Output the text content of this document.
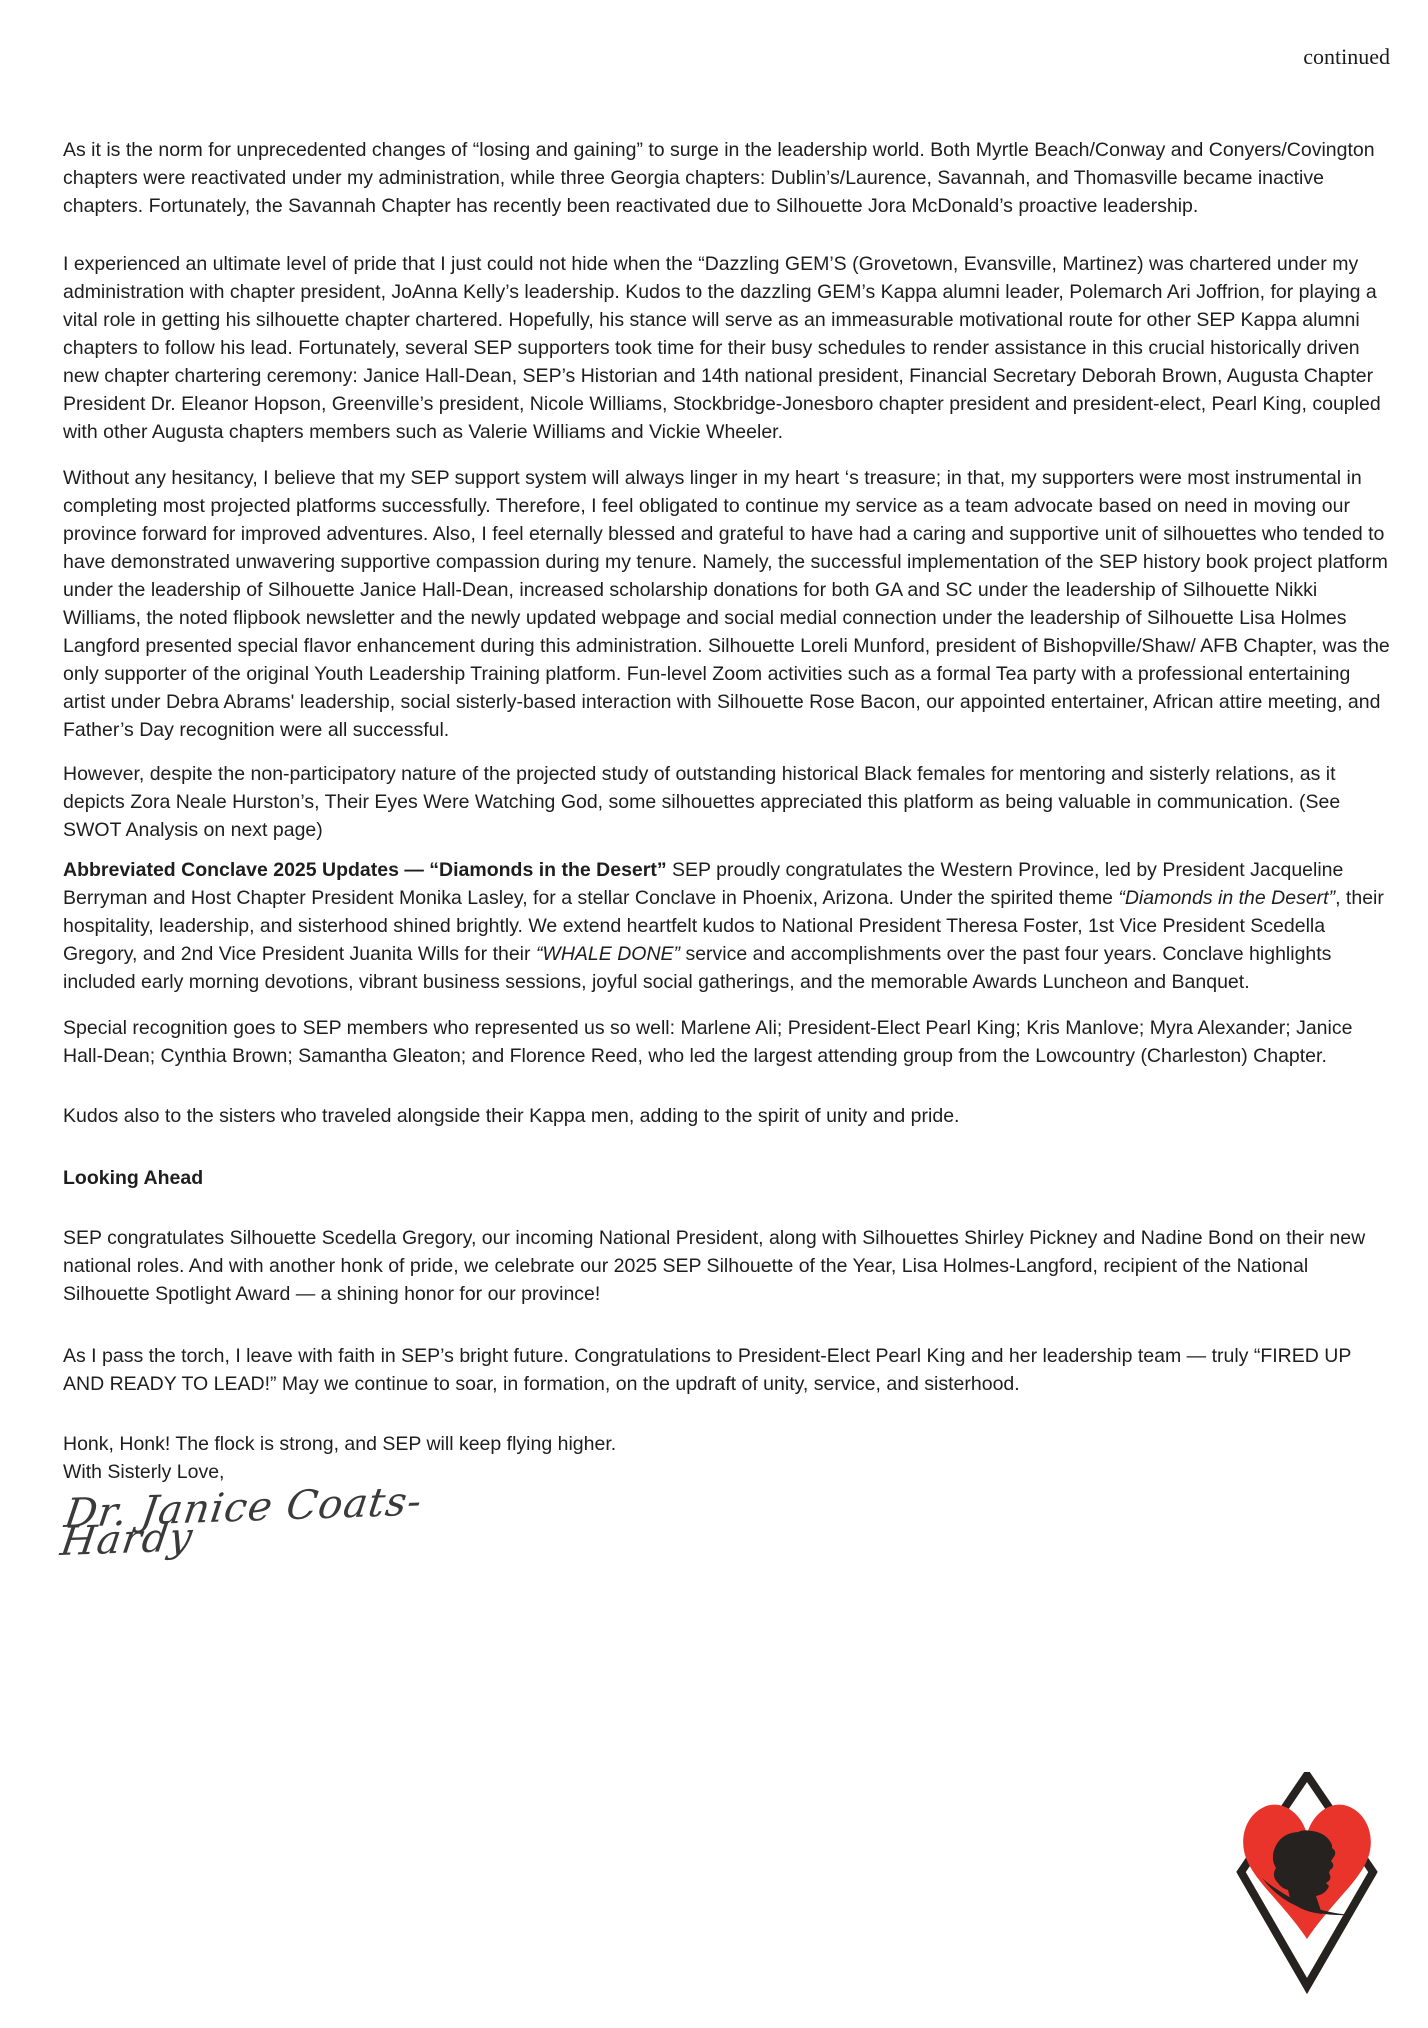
continued

As it is the norm for unprecedented changes of “losing and gaining” to surge in the leadership world. Both Myrtle Beach/Conway and Conyers/Covington chapters were reactivated under my administration, while three Georgia chapters: Dublin’s/Laurence, Savannah, and Thomasville became inactive chapters. Fortunately, the Savannah Chapter has recently been reactivated due to Silhouette Jora McDonald’s proactive leadership.

I experienced an ultimate level of pride that I just could not hide when the “Dazzling GEM’S (Grovetown, Evansville, Martinez) was chartered under my administration with chapter president, JoAnna Kelly’s leadership. Kudos to the dazzling GEM’s Kappa alumni leader, Polemarch Ari Joffrion, for playing a vital role in getting his silhouette chapter chartered. Hopefully, his stance will serve as an immeasurable motivational route for other SEP Kappa alumni chapters to follow his lead. Fortunately, several SEP supporters took time for their busy schedules to render assistance in this crucial historically driven new chapter chartering ceremony: Janice Hall-Dean, SEP’s Historian and 14th national president, Financial Secretary Deborah Brown, Augusta Chapter President Dr. Eleanor Hopson, Greenville’s president, Nicole Williams, Stockbridge-Jonesboro chapter president and president-elect, Pearl King, coupled with other Augusta chapters members such as Valerie Williams and Vickie Wheeler.

Without any hesitancy, I believe that my SEP support system will always linger in my heart ‘s treasure; in that, my supporters were most instrumental in completing most projected platforms successfully. Therefore, I feel obligated to continue my service as a team advocate based on need in moving our province forward for improved adventures. Also, I feel eternally blessed and grateful to have had a caring and supportive unit of silhouettes who tended to have demonstrated unwavering supportive compassion during my tenure. Namely, the successful implementation of the SEP history book project platform under the leadership of Silhouette Janice Hall-Dean, increased scholarship donations for both GA and SC under the leadership of Silhouette Nikki Williams, the noted flipbook newsletter and the newly updated webpage and social medial connection under the leadership of Silhouette Lisa Holmes Langford presented special flavor enhancement during this administration. Silhouette Loreli Munford, president of Bishopville/Shaw/ AFB Chapter, was the only supporter of the original Youth Leadership Training platform. Fun-level Zoom activities such as a formal Tea party with a professional entertaining artist under Debra Abrams' leadership, social sisterly-based interaction with Silhouette Rose Bacon, our appointed entertainer, African attire meeting, and Father’s Day recognition were all successful.

However, despite the non-participatory nature of the projected study of outstanding historical Black females for mentoring and sisterly relations, as it depicts Zora Neale Hurston’s, Their Eyes Were Watching God, some silhouettes appreciated this platform as being valuable in communication. (See SWOT Analysis on next page)

Abbreviated Conclave 2025 Updates — “Diamonds in the Desert” SEP proudly congratulates the Western Province, led by President Jacqueline Berryman and Host Chapter President Monika Lasley, for a stellar Conclave in Phoenix, Arizona. Under the spirited theme “Diamonds in the Desert”, their hospitality, leadership, and sisterhood shined brightly. We extend heartfelt kudos to National President Theresa Foster, 1st Vice President Scedella Gregory, and 2nd Vice President Juanita Wills for their “WHALE DONE” service and accomplishments over the past four years. Conclave highlights included early morning devotions, vibrant business sessions, joyful social gatherings, and the memorable Awards Luncheon and Banquet.

Special recognition goes to SEP members who represented us so well: Marlene Ali; President-Elect Pearl King; Kris Manlove; Myra Alexander; Janice Hall-Dean; Cynthia Brown; Samantha Gleaton; and Florence Reed, who led the largest attending group from the Lowcountry (Charleston) Chapter.

Kudos also to the sisters who traveled alongside their Kappa men, adding to the spirit of unity and pride.

Looking Ahead

SEP congratulates Silhouette Scedella Gregory, our incoming National President, along with Silhouettes Shirley Pickney and Nadine Bond on their new national roles. And with another honk of pride, we celebrate our 2025 SEP Silhouette of the Year, Lisa Holmes-Langford, recipient of the National Silhouette Spotlight Award — a shining honor for our province!

As I pass the torch, I leave with faith in SEP’s bright future. Congratulations to President-Elect Pearl King and her leadership team — truly “FIRED UP AND READY TO LEAD!” May we continue to soar, in formation, on the updraft of unity, service, and sisterhood.

Honk, Honk! The flock is strong, and SEP will keep flying higher.
With Sisterly Love,

Dr. Janice Coats-Hardy
